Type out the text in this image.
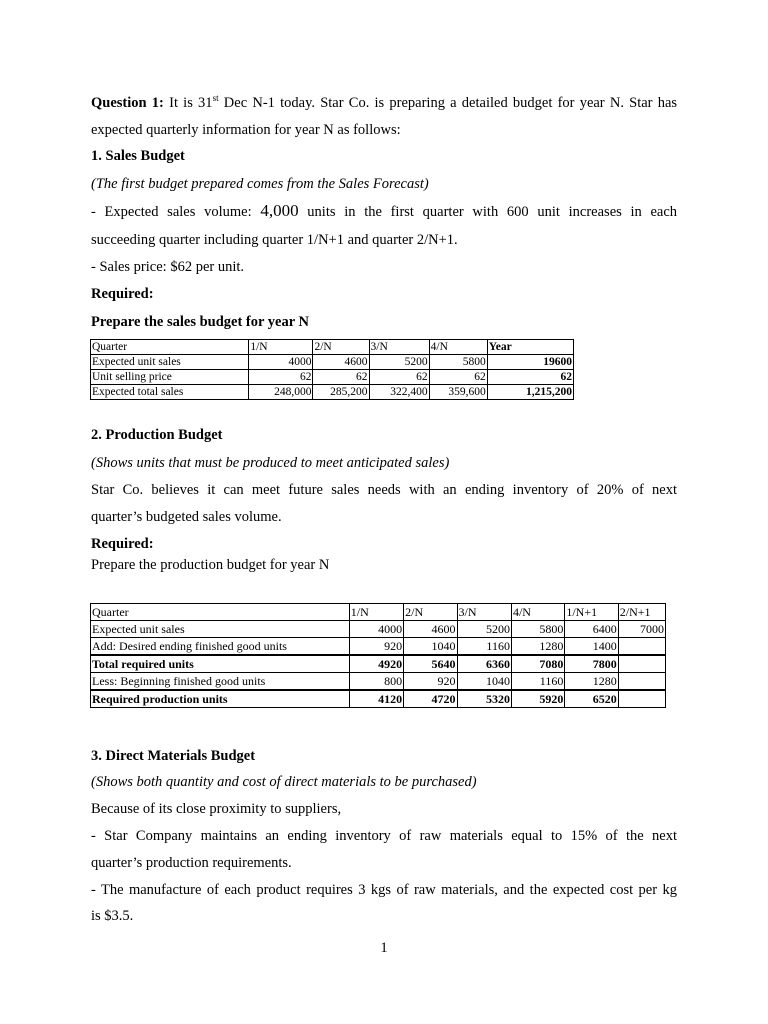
Question 1: It is 31st Dec N-1 today. Star Co. is preparing a detailed budget for year N. Star has
expected quarterly information for year N as follows:
1. Sales Budget
(The first budget prepared comes from the Sales Forecast)
- Expected sales volume: 4,000 units in the first quarter with 600 unit increases in each
succeeding quarter including quarter 1/N+1 and quarter 2/N+1.
- Sales price: $62 per unit.
Required:
Prepare the sales budget for year N
Quarter	1/N	2/N	3/N	4/N	Year
Expected unit sales	4000	4600	5200	5800	19600
Unit selling price	62	62	62	62	62
Expected total sales	248,000	285,200	322,400	359,600	1,215,200
2. Production Budget
(Shows units that must be produced to meet anticipated sales)
Star Co. believes it can meet future sales needs with an ending inventory of 20% of next
quarter’s budgeted sales volume.
Required:
Prepare the production budget for year N
Quarter	1/N	2/N	3/N	4/N	1/N+1	2/N+1
Expected unit sales	4000	4600	5200	5800	6400	7000
Add: Desired ending finished good units	920	1040	1160	1280	1400	
Total required units	4920	5640	6360	7080	7800	
Less: Beginning finished good units	800	920	1040	1160	1280	
Required production units	4120	4720	5320	5920	6520	
3. Direct Materials Budget
(Shows both quantity and cost of direct materials to be purchased)
Because of its close proximity to suppliers,
- Star Company maintains an ending inventory of raw materials equal to 15% of the next
quarter’s production requirements.
- The manufacture of each product requires 3 kgs of raw materials, and the expected cost per kg
is $3.5.
1
